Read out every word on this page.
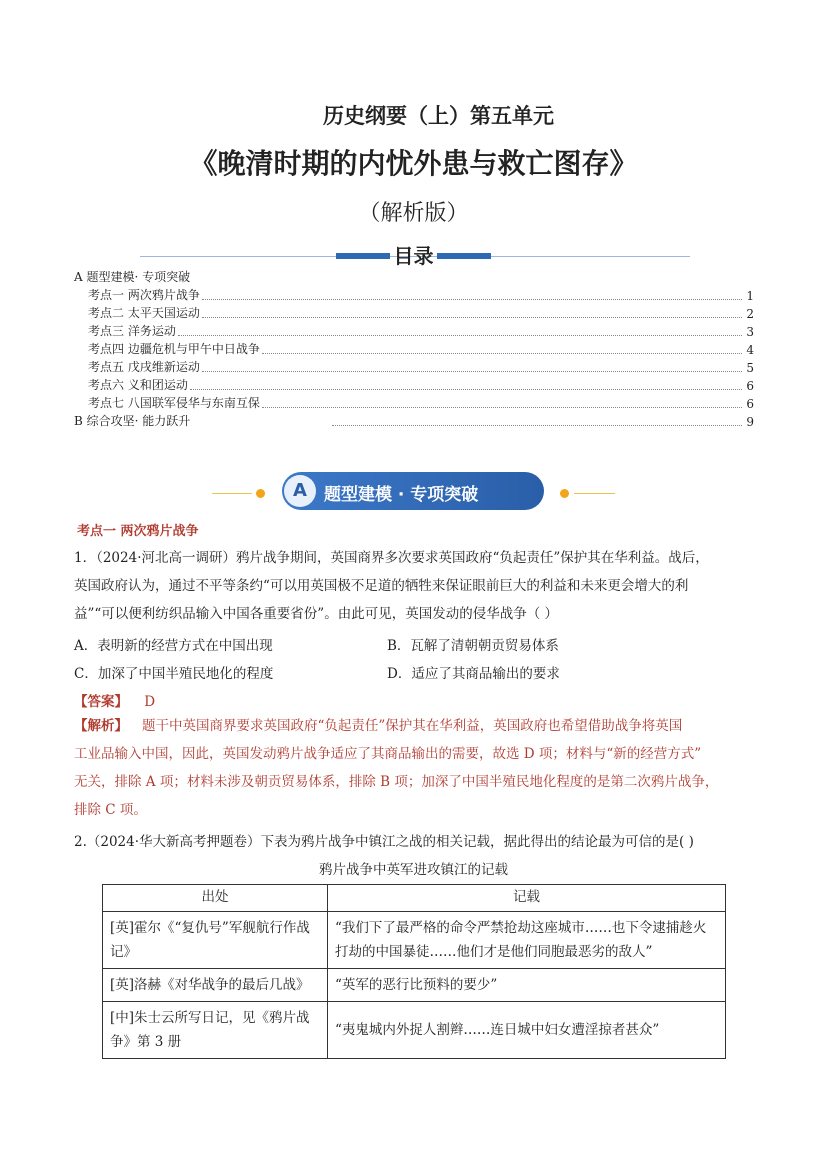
历史纲要（上）第五单元
《晚清时期的内忧外患与救亡图存》
（解析版）
目录
A 题型建模· 专项突破
考点一 两次鸦片战争	1
考点二 太平天国运动	2
考点三 洋务运动	3
考点四 边疆危机与甲午中日战争	4
考点五 戊戌维新运动	5
考点六 义和团运动	6
考点七 八国联军侵华与东南互保	6
B 综合攻坚· 能力跃升	9
A	题型建模 · 专项突破
考点一 两次鸦片战争
1．（2024·河北高一调研）鸦片战争期间，英国商界多次要求英国政府“负起责任”保护其在华利益。战后，
英国政府认为，通过不平等条约“可以用英国极不足道的牺牲来保证眼前巨大的利益和未来更会增大的利
益”“可以便利纺织品输入中国各重要省份”。由此可见，英国发动的侵华战争（ ）
A．表明新的经营方式在中国出现	B．瓦解了清朝朝贡贸易体系
C．加深了中国半殖民地化的程度	D．适应了其商品输出的要求
【答案】 D
【解析】 题干中英国商界要求英国政府“负起责任”保护其在华利益，英国政府也希望借助战争将英国
工业品输入中国，因此，英国发动鸦片战争适应了其商品输出的需要，故选 D 项；材料与“新的经营方式”
无关，排除 A 项；材料未涉及朝贡贸易体系，排除 B 项；加深了中国半殖民地化程度的是第二次鸦片战争，
排除 C 项。
2.（2024·华大新高考押题卷）下表为鸦片战争中镇江之战的相关记载，据此得出的结论最为可信的是( )
鸦片战争中英军进攻镇江的记载
出处	记载
[英]霍尔《“复仇号”军舰航行作战记》	“我们下了最严格的命令严禁抢劫这座城市……也下令逮捕趁火打劫的中国暴徒……他们才是他们同胞最恶劣的敌人”
[英]洛赫《对华战争的最后几战》	“英军的恶行比预料的要少”
[中]朱士云所写日记，见《鸦片战争》第 3 册	“夷鬼城内外捉人割辫……连日城中妇女遭淫掠者甚众”
